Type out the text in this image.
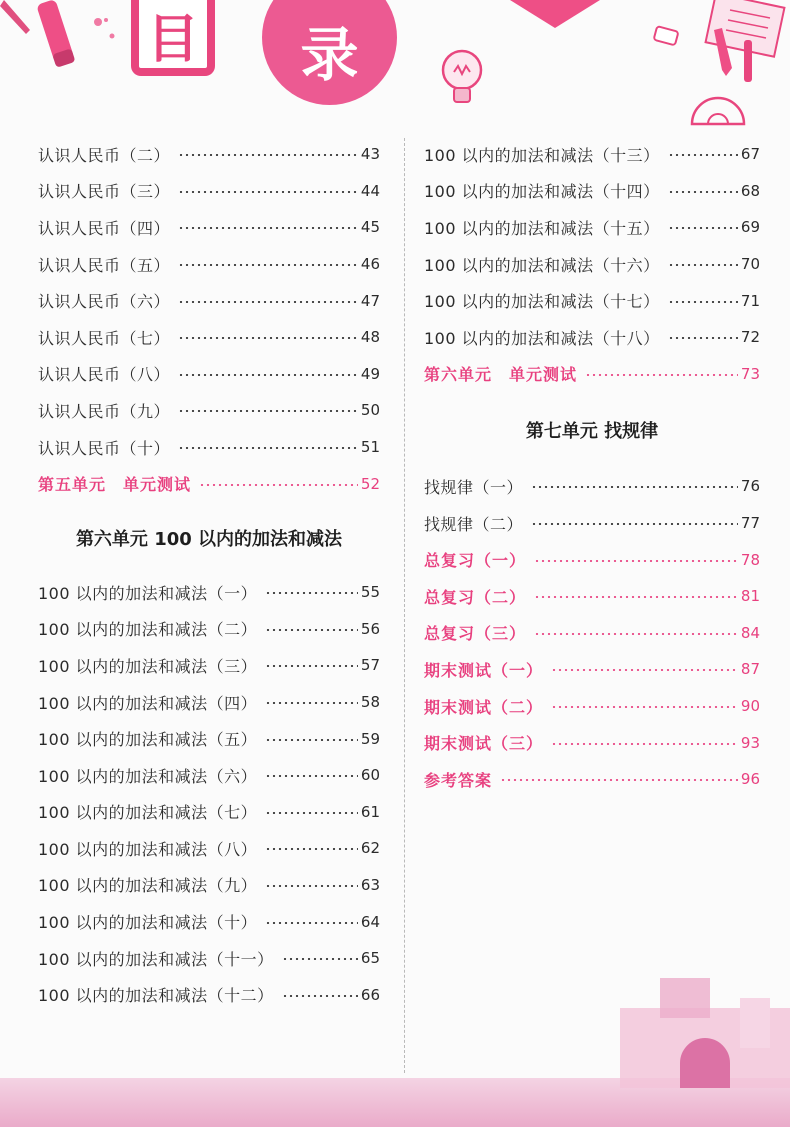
目	录
认识人民币（二）	43
认识人民币（三）	44
认识人民币（四）	45
认识人民币（五）	46
认识人民币（六）	47
认识人民币（七）	48
认识人民币（八）	49
认识人民币（九）	50
认识人民币（十）	51
第五单元　单元测试	52
第六单元 100 以内的加法和减法
100 以内的加法和减法（一）	55
100 以内的加法和减法（二）	56
100 以内的加法和减法（三）	57
100 以内的加法和减法（四）	58
100 以内的加法和减法（五）	59
100 以内的加法和减法（六）	60
100 以内的加法和减法（七）	61
100 以内的加法和减法（八）	62
100 以内的加法和减法（九）	63
100 以内的加法和减法（十）	64
100 以内的加法和减法（十一）	65
100 以内的加法和减法（十二）	66
100 以内的加法和减法（十三）	67
100 以内的加法和减法（十四）	68
100 以内的加法和减法（十五）	69
100 以内的加法和减法（十六）	70
100 以内的加法和减法（十七）	71
100 以内的加法和减法（十八）	72
第六单元　单元测试	73
第七单元 找规律
找规律（一）	76
找规律（二）	77
总复习（一）	78
总复习（二）	81
总复习（三）	84
期末测试（一）	87
期末测试（二）	90
期末测试（三）	93
参考答案	96
